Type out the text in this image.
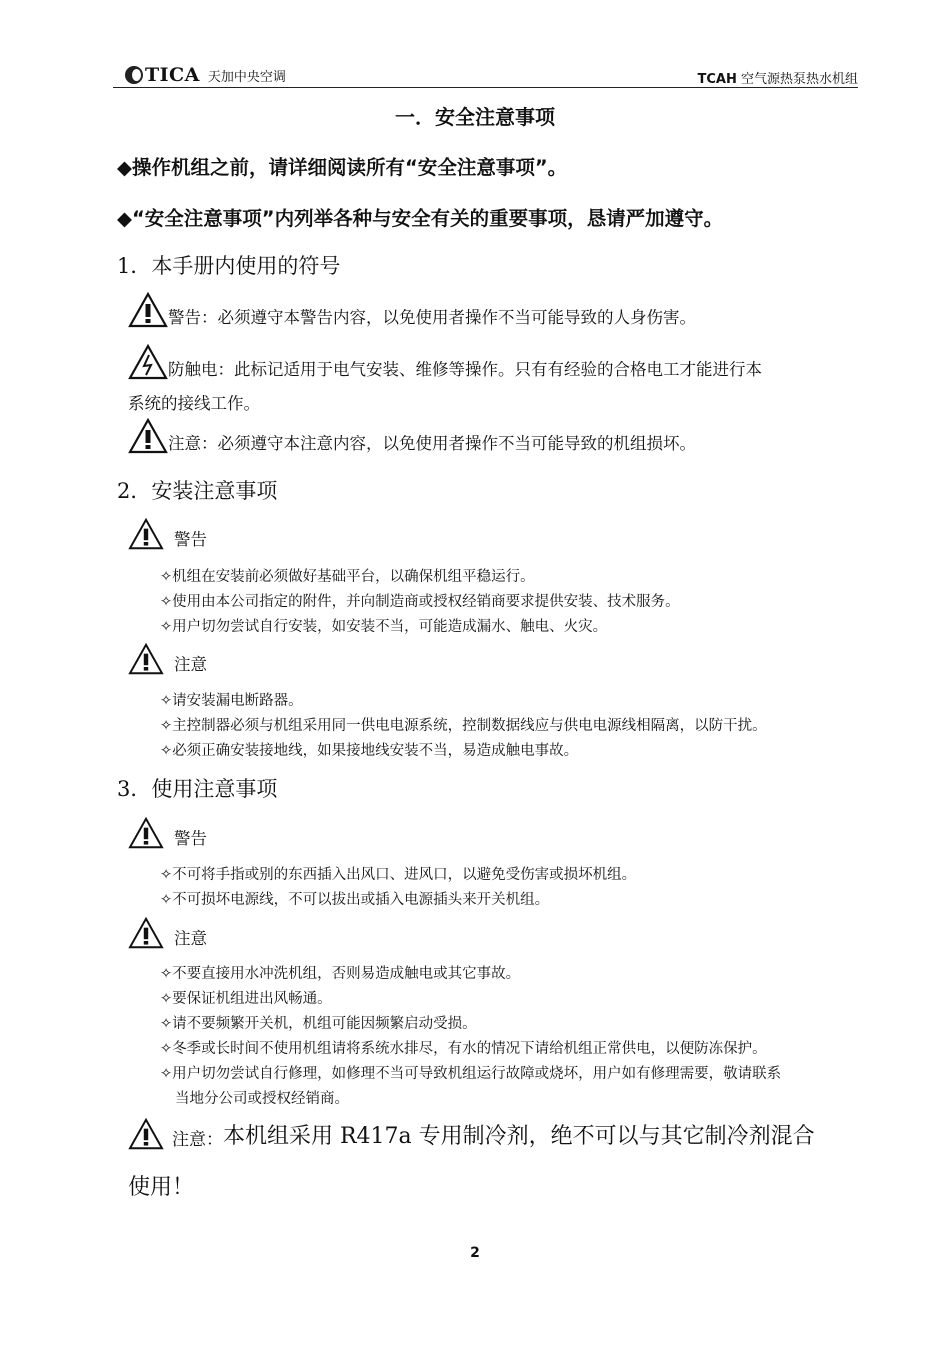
TICA 天加中央空调	TCAH 空气源热泵热水机组
一．安全注意事项
◆操作机组之前，请详细阅读所有“安全注意事项”。
◆“安全注意事项”内列举各种与安全有关的重要事项，恳请严加遵守。
1．本手册内使用的符号
警告：必须遵守本警告内容，以免使用者操作不当可能导致的人身伤害。
防触电：此标记适用于电气安装、维修等操作。只有有经验的合格电工才能进行本
系统的接线工作。
注意：必须遵守本注意内容，以免使用者操作不当可能导致的机组损坏。
2．安装注意事项
警告
✧机组在安装前必须做好基础平台，以确保机组平稳运行。
✧使用由本公司指定的附件，并向制造商或授权经销商要求提供安装、技术服务。
✧用户切勿尝试自行安装，如安装不当，可能造成漏水、触电、火灾。
注意
✧请安装漏电断路器。
✧主控制器必须与机组采用同一供电电源系统，控制数据线应与供电电源线相隔离，以防干扰。
✧必须正确安装接地线，如果接地线安装不当，易造成触电事故。
3．使用注意事项
警告
✧不可将手指或别的东西插入出风口、进风口，以避免受伤害或损坏机组。
✧不可损坏电源线，不可以拔出或插入电源插头来开关机组。
注意
✧不要直接用水冲洗机组，否则易造成触电或其它事故。
✧要保证机组进出风畅通。
✧请不要频繁开关机，机组可能因频繁启动受损。
✧冬季或长时间不使用机组请将系统水排尽，有水的情况下请给机组正常供电，以便防冻保护。
✧用户切勿尝试自行修理，如修理不当可导致机组运行故障或烧坏，用户如有修理需要，敬请联系
当地分公司或授权经销商。
注意： 本机组采用 R417a 专用制冷剂，绝不可以与其它制冷剂混合
使用！
2
